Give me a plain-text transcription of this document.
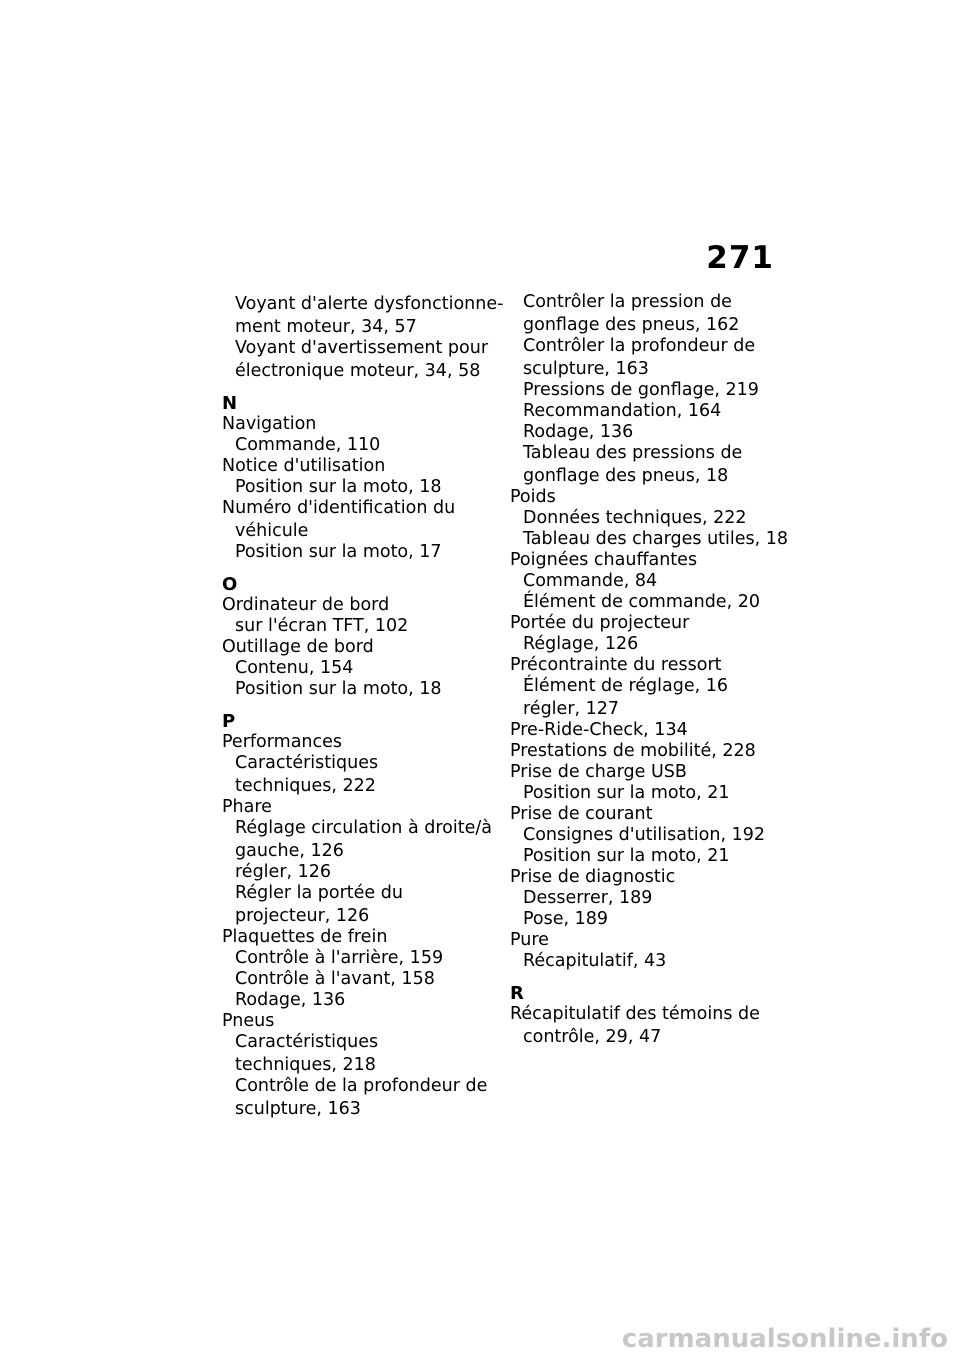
271
Voyant d'alerte dysfonctionne-
ment moteur, 34, 57
Voyant d'avertissement pour
électronique moteur, 34, 58
N
Navigation
Commande, 110
Notice d'utilisation
Position sur la moto, 18
Numéro d'identification du
véhicule
Position sur la moto, 17
O
Ordinateur de bord
sur l'écran TFT, 102
Outillage de bord
Contenu, 154
Position sur la moto, 18
P
Performances
Caractéristiques
techniques, 222
Phare
Réglage circulation à droite/à
gauche, 126
régler, 126
Régler la portée du
projecteur, 126
Plaquettes de frein
Contrôle à l'arrière, 159
Contrôle à l'avant, 158
Rodage, 136
Pneus
Caractéristiques
techniques, 218
Contrôle de la profondeur de
sculpture, 163
Contrôler la pression de
gonflage des pneus, 162
Contrôler la profondeur de
sculpture, 163
Pressions de gonflage, 219
Recommandation, 164
Rodage, 136
Tableau des pressions de
gonflage des pneus, 18
Poids
Données techniques, 222
Tableau des charges utiles, 18
Poignées chauffantes
Commande, 84
Élément de commande, 20
Portée du projecteur
Réglage, 126
Précontrainte du ressort
Élément de réglage, 16
régler, 127
Pre-Ride-Check, 134
Prestations de mobilité, 228
Prise de charge USB
Position sur la moto, 21
Prise de courant
Consignes d'utilisation, 192
Position sur la moto, 21
Prise de diagnostic
Desserrer, 189
Pose, 189
Pure
Récapitulatif, 43
R
Récapitulatif des témoins de
contrôle, 29, 47
carmanualsonline.info
